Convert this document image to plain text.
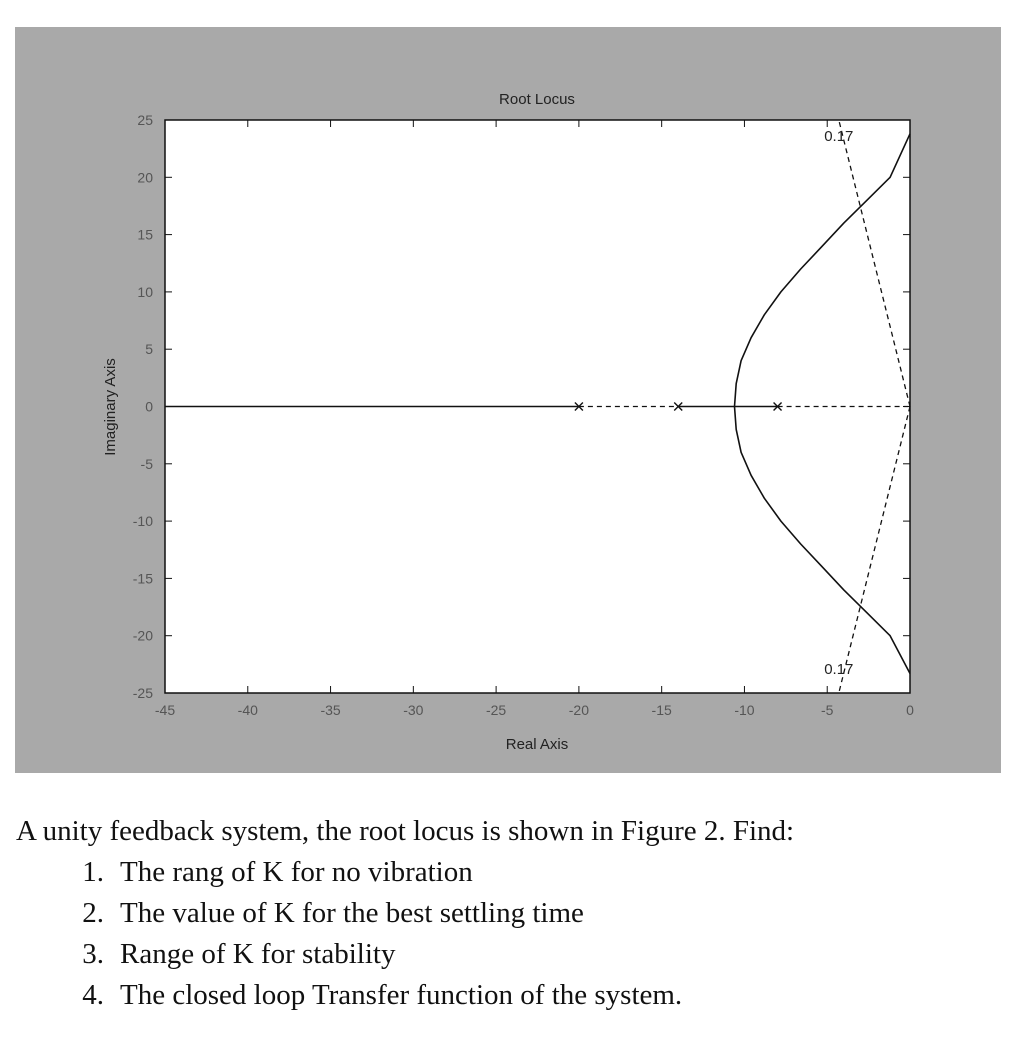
-45	-40	-35	-30	-25	-20	-15	-10	-5	0
-25
-20
-15
-10
-5
0
5
10
15
20
25
0.17
0.17
Root Locus
Real Axis
Imaginary Axis

A unity feedback system, the root locus is shown in Figure 2. Find:

1. The rang of K for no vibration
2. The value of K for the best settling time
3. Range of K for stability
4. The closed loop Transfer function of the system.
